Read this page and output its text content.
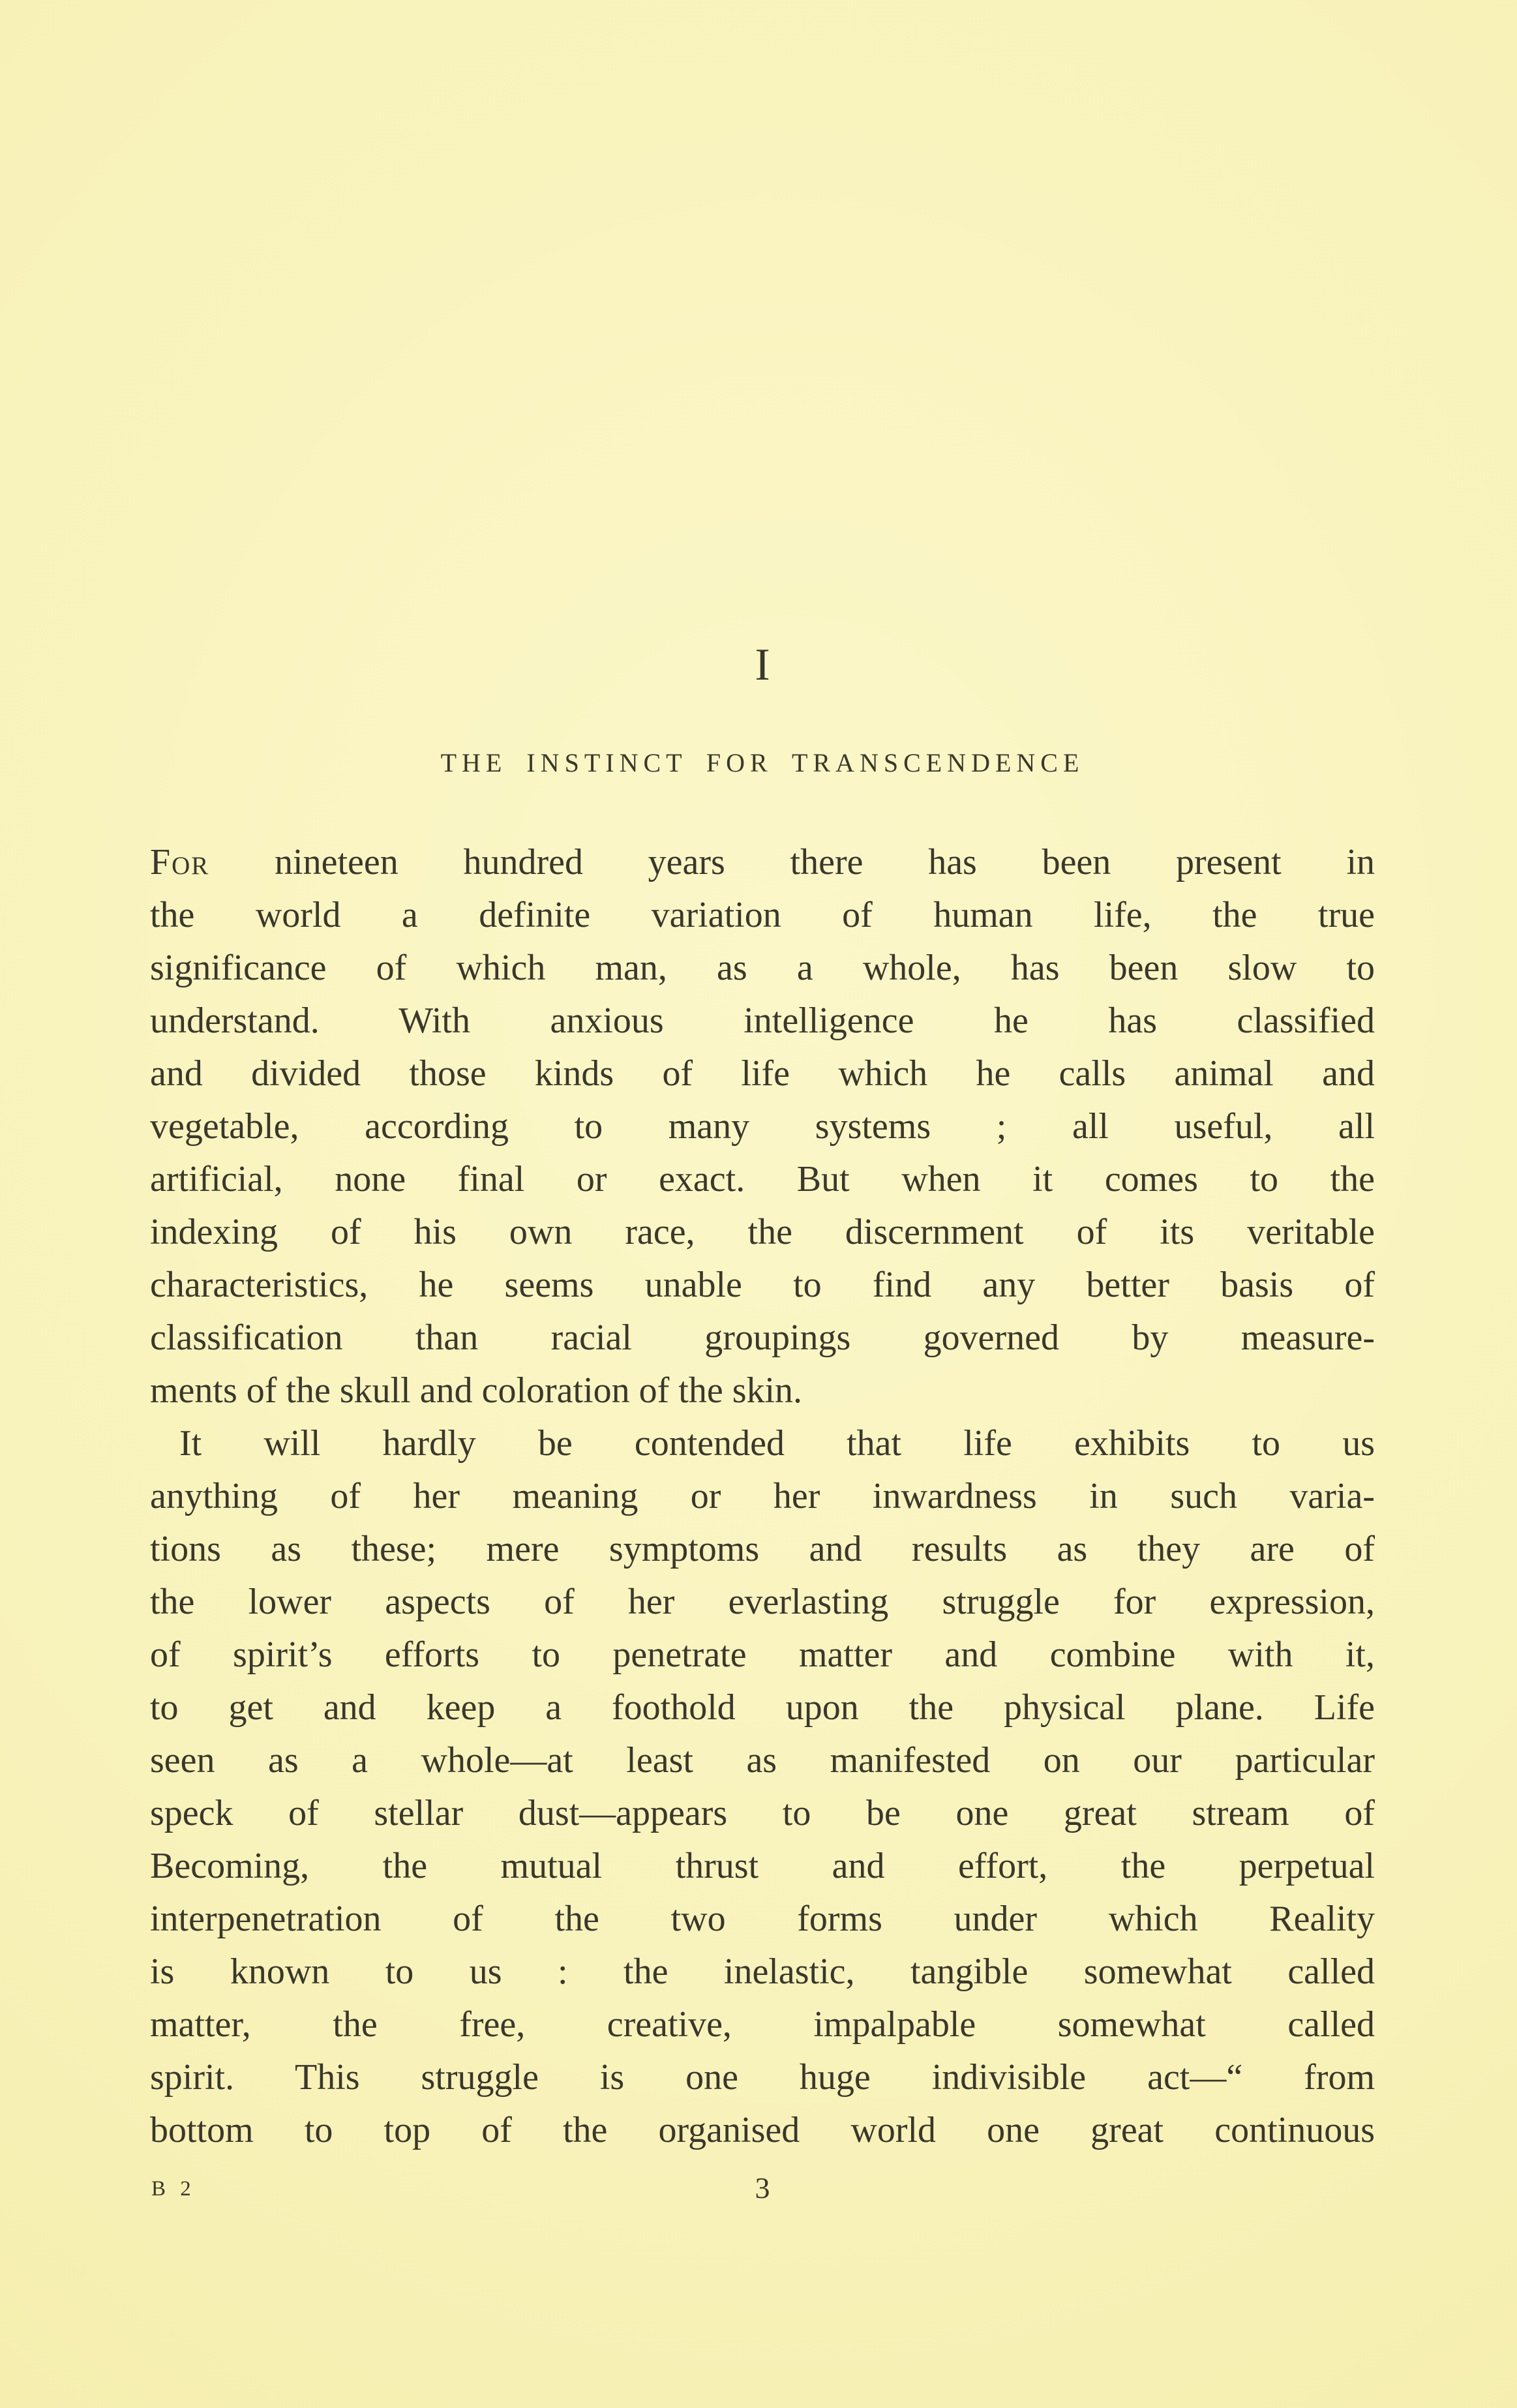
I
THE INSTINCT FOR TRANSCENDENCE
For nineteen hundred years there has been present in
the world a definite variation of human life, the true
significance of which man, as a whole, has been slow to
understand. With anxious intelligence he has classified
and divided those kinds of life which he calls animal and
vegetable, according to many systems ; all useful, all
artificial, none final or exact. But when it comes to the
indexing of his own race, the discernment of its veritable
characteristics, he seems unable to find any better basis of
classification than racial groupings governed by measure-
ments of the skull and coloration of the skin.
It will hardly be contended that life exhibits to us
anything of her meaning or her inwardness in such varia-
tions as these; mere symptoms and results as they are of
the lower aspects of her everlasting struggle for expression,
of spirit’s efforts to penetrate matter and combine with it,
to get and keep a foothold upon the physical plane. Life
seen as a whole—at least as manifested on our particular
speck of stellar dust—appears to be one great stream of
Becoming, the mutual thrust and effort, the perpetual
interpenetration of the two forms under which Reality
is known to us : the inelastic, tangible somewhat called
matter, the free, creative, impalpable somewhat called
spirit. This struggle is one huge indivisible act—“ from
bottom to top of the organised world one great continuous
B 2	3
